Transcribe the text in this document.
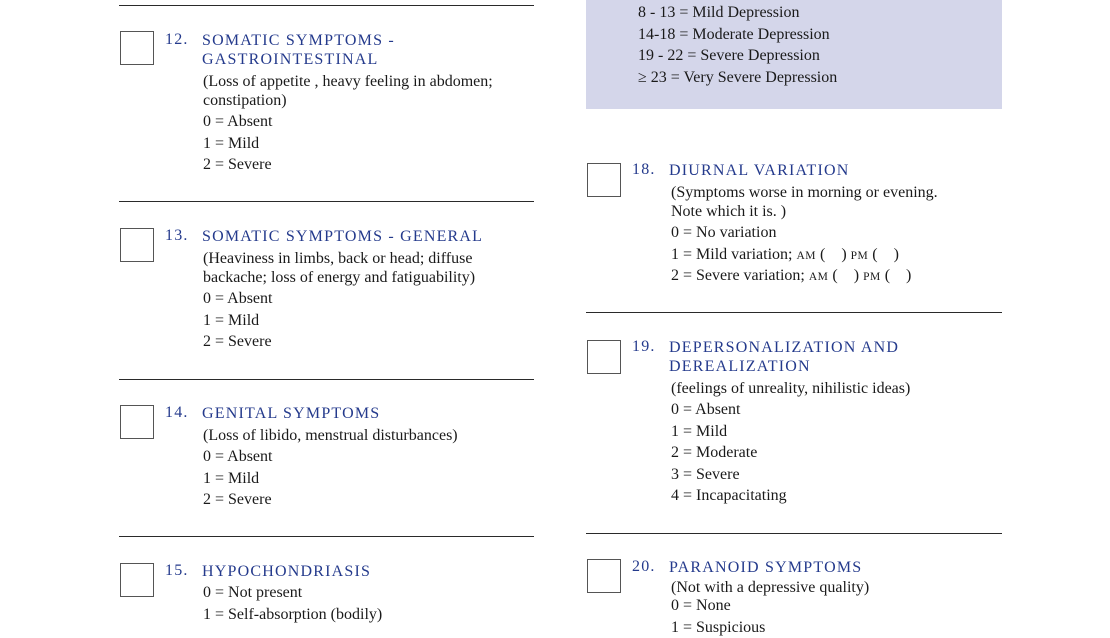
8 - 13 = Mild Depression
14-18 = Moderate Depression
19 - 22 = Severe Depression
≥ 23 = Very Severe Depression
12. SOMATIC SYMPTOMS -
GASTROINTESTINAL
(Loss of appetite , heavy feeling in abdomen;
constipation)
0 = Absent
1 = Mild
2 = Severe
13. SOMATIC SYMPTOMS - GENERAL
(Heaviness in limbs, back or head; diffuse
backache; loss of energy and fatiguability)
0 = Absent
1 = Mild
2 = Severe
14. GENITAL SYMPTOMS
(Loss of libido, menstrual disturbances)
0 = Absent
1 = Mild
2 = Severe
15. HYPOCHONDRIASIS
0 = Not present
1 = Self-absorption (bodily)
18. DIURNAL VARIATION
(Symptoms worse in morning or evening.
Note which it is. )
0 = No variation
1 = Mild variation; AM (    ) PM (    )
2 = Severe variation; AM (    ) PM (    )
19. DEPERSONALIZATION AND
DEREALIZATION
(feelings of unreality, nihilistic ideas)
0 = Absent
1 = Mild
2 = Moderate
3 = Severe
4 = Incapacitating
20. PARANOID SYMPTOMS
(Not with a depressive quality)
0 = None
1 = Suspicious
